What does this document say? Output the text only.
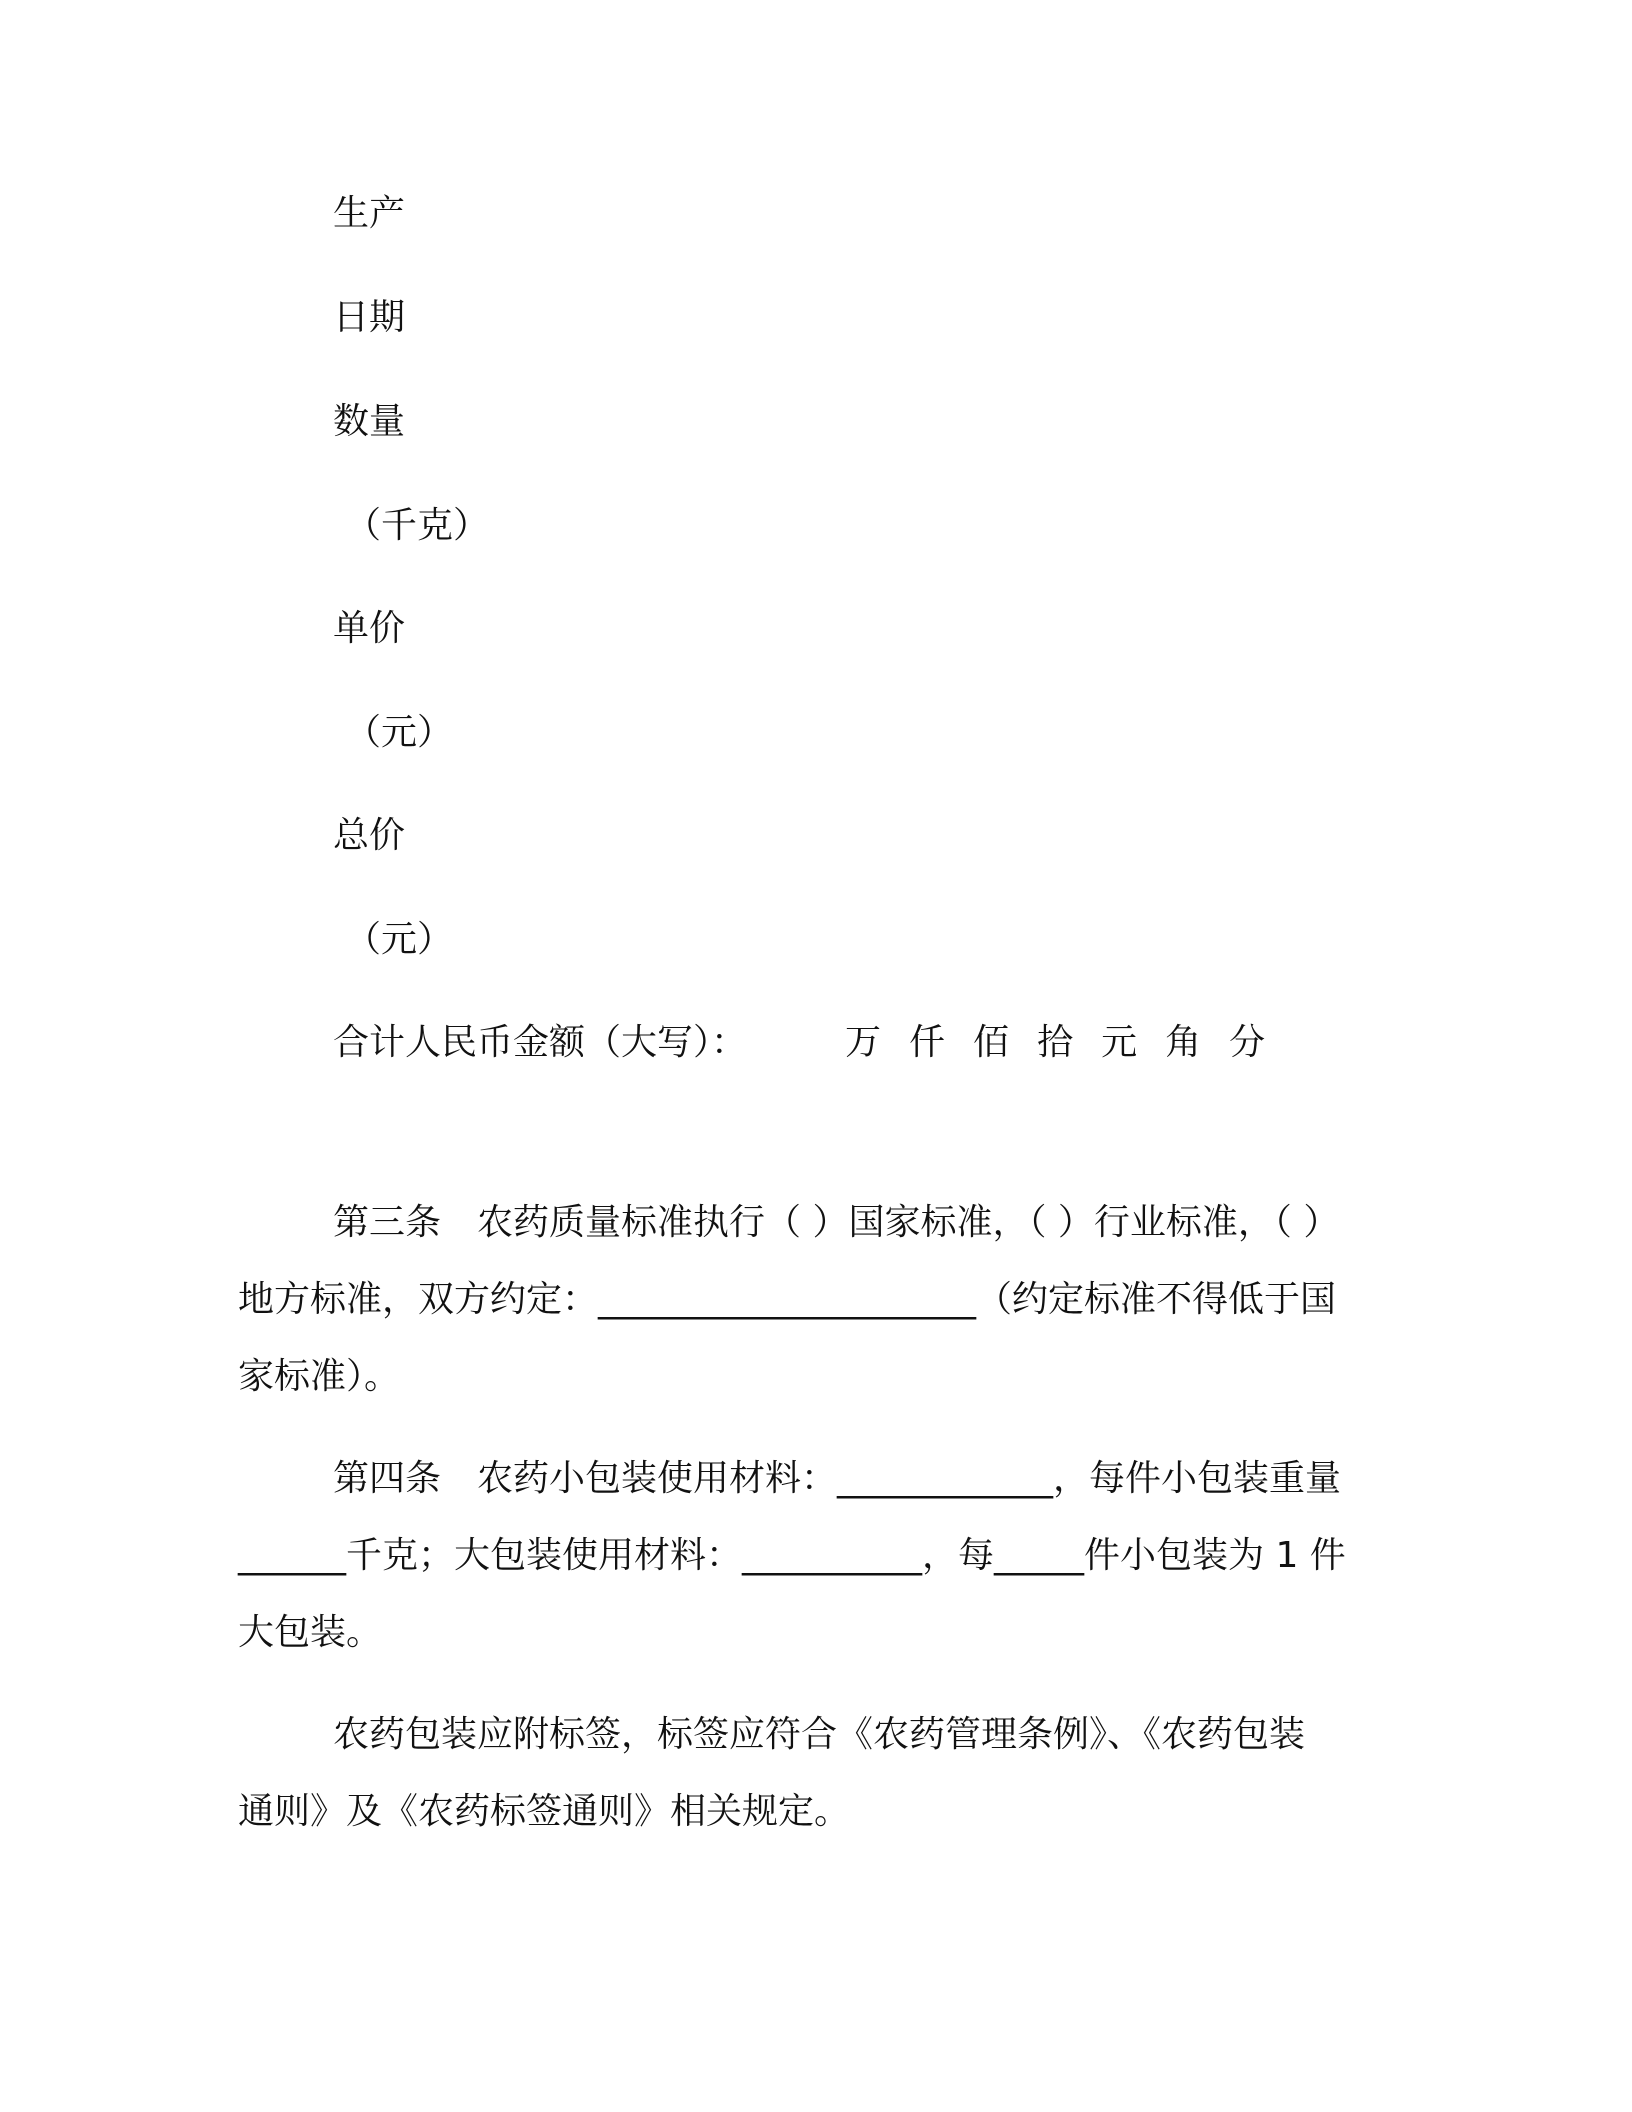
生产

日期

数量

（千克）

单价

（元）

总价

（元）

合计人民币金额（大写）：	万 仟 佰 拾 元 角 分

第三条　农药质量标准执行（ ）国家标准，（ ）行业标准，（ ）

地方标准，双方约定：_____________________（约定标准不得低于国

家标准）。

第四条　农药小包装使用材料：____________，每件小包装重量

______千克；大包装使用材料：__________，每_____件小包装为 1 件

大包装。

农药包装应附标签，标签应符合《农药管理条例》、《农药包装

通则》及《农药标签通则》相关规定。
